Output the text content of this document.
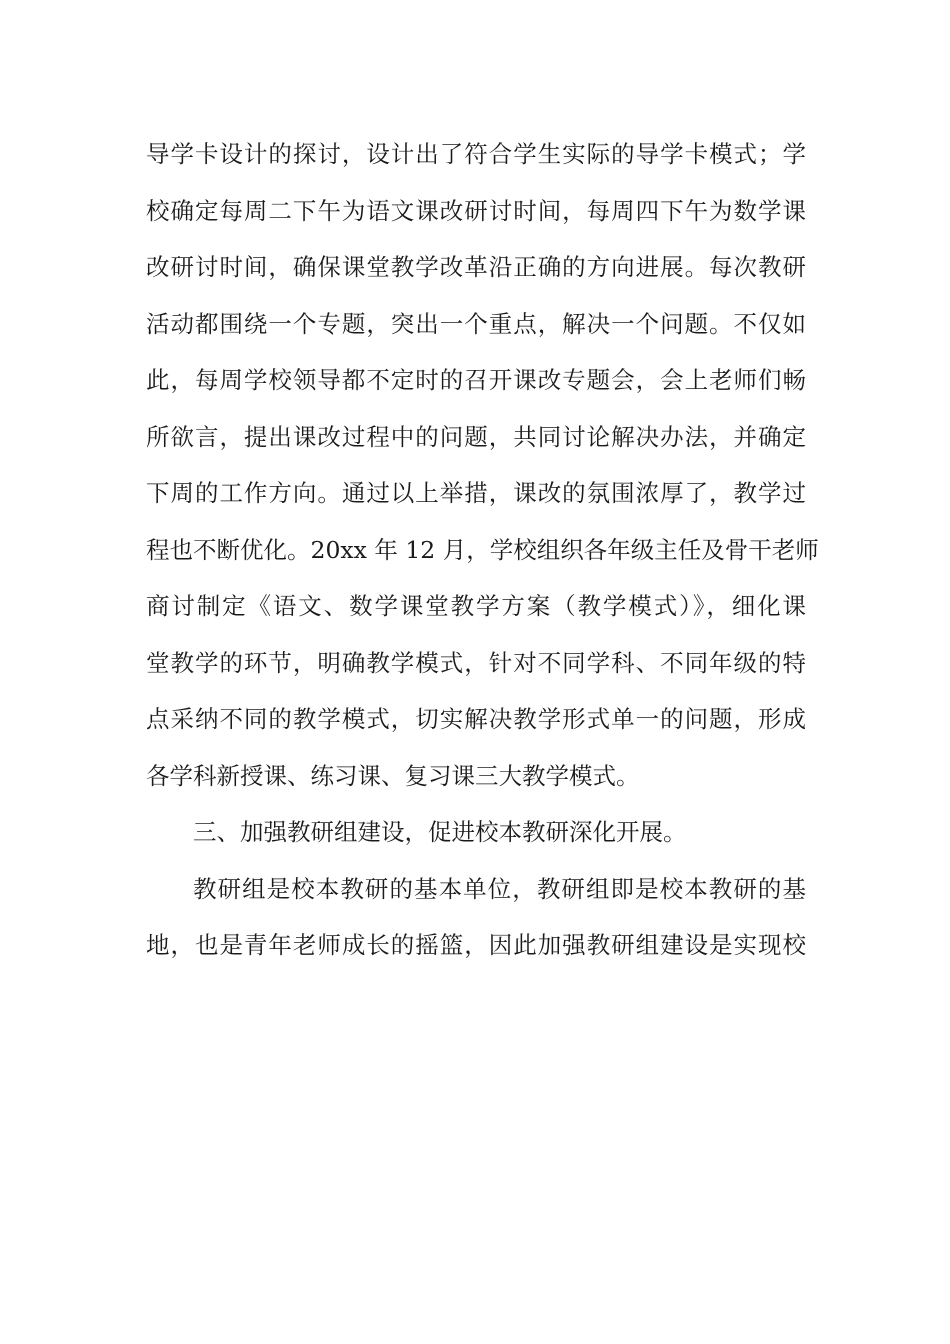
导学卡设计的探讨，设计出了符合学生实际的导学卡模式；学
校确定每周二下午为语文课改研讨时间，每周四下午为数学课
改研讨时间，确保课堂教学改革沿正确的方向进展。每次教研
活动都围绕一个专题，突出一个重点，解决一个问题。不仅如
此，每周学校领导都不定时的召开课改专题会，会上老师们畅
所欲言，提出课改过程中的问题，共同讨论解决办法，并确定
下周的工作方向。通过以上举措，课改的氛围浓厚了，教学过
程也不断优化。20xx 年 12 月，学校组织各年级主任及骨干老师
商讨制定《语文、数学课堂教学方案（教学模式）》，细化课
堂教学的环节，明确教学模式，针对不同学科、不同年级的特
点采纳不同的教学模式，切实解决教学形式单一的问题，形成
各学科新授课、练习课、复习课三大教学模式。
三、加强教研组建设，促进校本教研深化开展。
教研组是校本教研的基本单位，教研组即是校本教研的基
地，也是青年老师成长的摇篮，因此加强教研组建设是实现校
